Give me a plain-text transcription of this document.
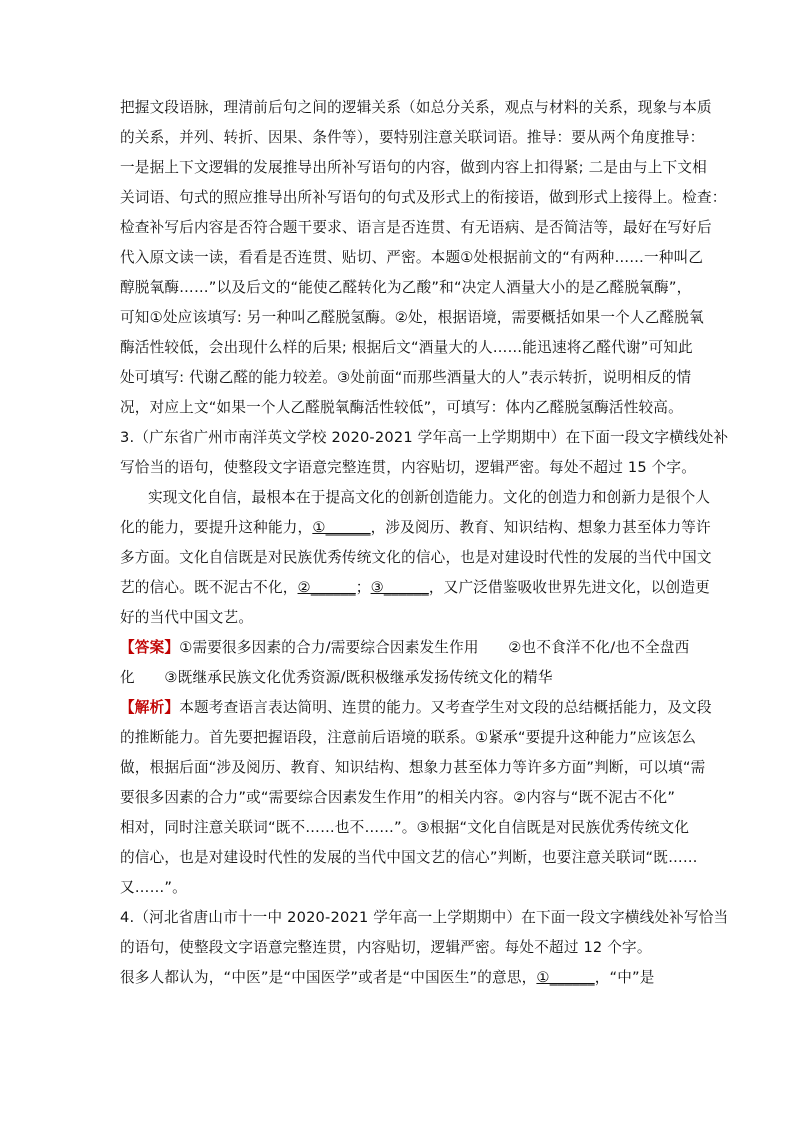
把握文段语脉，理清前后句之间的逻辑关系（如总分关系，观点与材料的关系，现象与本质
的关系，并列、转折、因果、条件等），要特别注意关联词语。推导：要从两个角度推导：
一是据上下文逻辑的发展推导出所补写语句的内容，做到内容上扣得紧; 二是由与上下文相
关词语、句式的照应推导出所补写语句的句式及形式上的衔接语，做到形式上接得上。检查：
检查补写后内容是否符合题干要求、语言是否连贯、有无语病、是否简洁等，最好在写好后
代入原文读一读，看看是否连贯、贴切、严密。本题①处根据前文的“有两种……一种叫乙
醇脱氧酶……”以及后文的“能使乙醛转化为乙酸”和“决定人酒量大小的是乙醛脱氧酶”，
可知①处应该填写: 另一种叫乙醛脱氢酶。②处，根据语境，需要概括如果一个人乙醛脱氧
酶活性较低，会出现什么样的后果; 根据后文“酒量大的人……能迅速将乙醛代谢”可知此
处可填写: 代谢乙醛的能力较差。③处前面“而那些酒量大的人”表示转折，说明相反的情
况，对应上文“如果一个人乙醛脱氧酶活性较低”，可填写：体内乙醛脱氢酶活性较高。
3.（广东省广州市南洋英文学校 2020-2021 学年高一上学期期中）在下面一段文字横线处补
写恰当的语句，使整段文字语意完整连贯，内容贴切，逻辑严密。每处不超过 15 个字。
实现文化自信，最根本在于提高文化的创新创造能力。文化的创造力和创新力是很个人
化的能力，要提升这种能力，①______，涉及阅历、教育、知识结构、想象力甚至体力等许
多方面。文化自信既是对民族优秀传统文化的信心，也是对建设时代性的发展的当代中国文
艺的信心。既不泥古不化，②______；③______，又广泛借鉴吸收世界先进文化，以创造更
好的当代中国文艺。
【答案】①需要很多因素的合力/需要综合因素发生作用　　②也不食洋不化/也不全盘西
化　　③既继承民族文化优秀资源/既积极继承发扬传统文化的精华
【解析】本题考查语言表达简明、连贯的能力。又考查学生对文段的总结概括能力，及文段
的推断能力。首先要把握语段，注意前后语境的联系。①紧承“要提升这种能力”应该怎么
做，根据后面“涉及阅历、教育、知识结构、想象力甚至体力等许多方面”判断，可以填“需
要很多因素的合力”或“需要综合因素发生作用”的相关内容。②内容与“既不泥古不化”
相对，同时注意关联词“既不……也不……”。③根据“文化自信既是对民族优秀传统文化
的信心，也是对建设时代性的发展的当代中国文艺的信心”判断，也要注意关联词“既……
又……”。
4.（河北省唐山市十一中 2020-2021 学年高一上学期期中）在下面一段文字横线处补写恰当
的语句，使整段文字语意完整连贯，内容贴切，逻辑严密。每处不超过 12 个字。
很多人都认为，“中医”是“中国医学”或者是“中国医生”的意思，①______，“中”是
